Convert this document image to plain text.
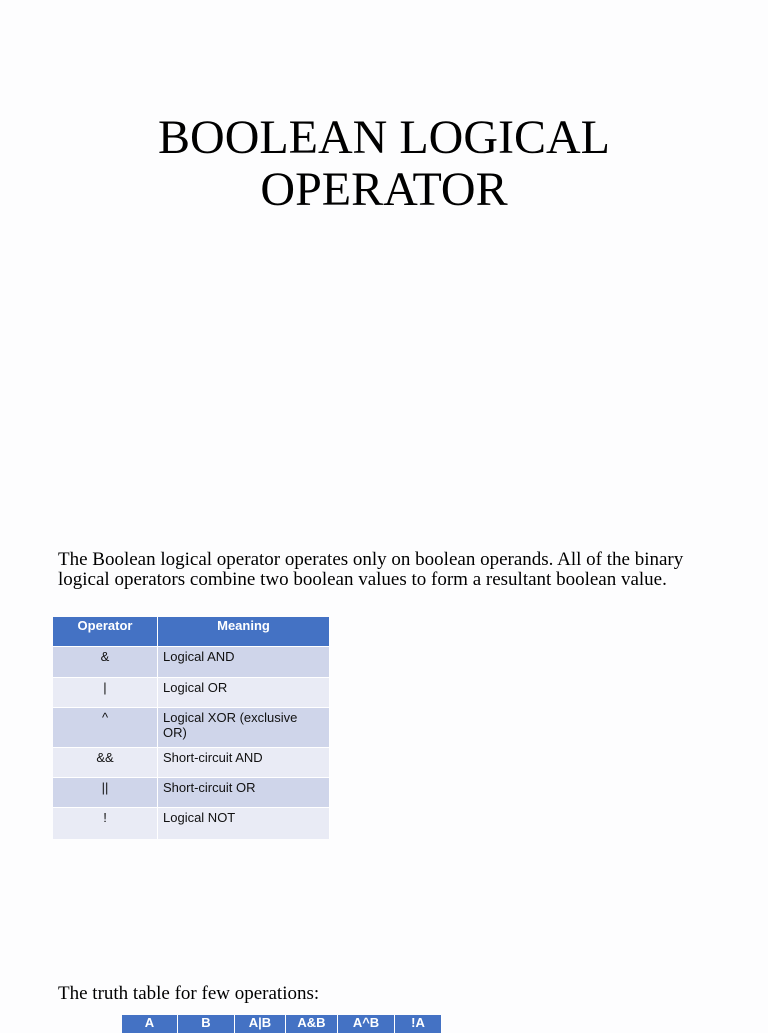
BOOLEAN LOGICAL
OPERATOR

The Boolean logical operator operates only on boolean operands. All of the binary logical operators combine two boolean values to form a resultant boolean value.

Operator	Meaning
&	Logical AND
|	Logical OR
^	Logical XOR (exclusive OR)
&&	Short-circuit AND
||	Short-circuit OR
!	Logical NOT

The truth table for few operations:

A	B	A|B	A&B	A^B	!A
